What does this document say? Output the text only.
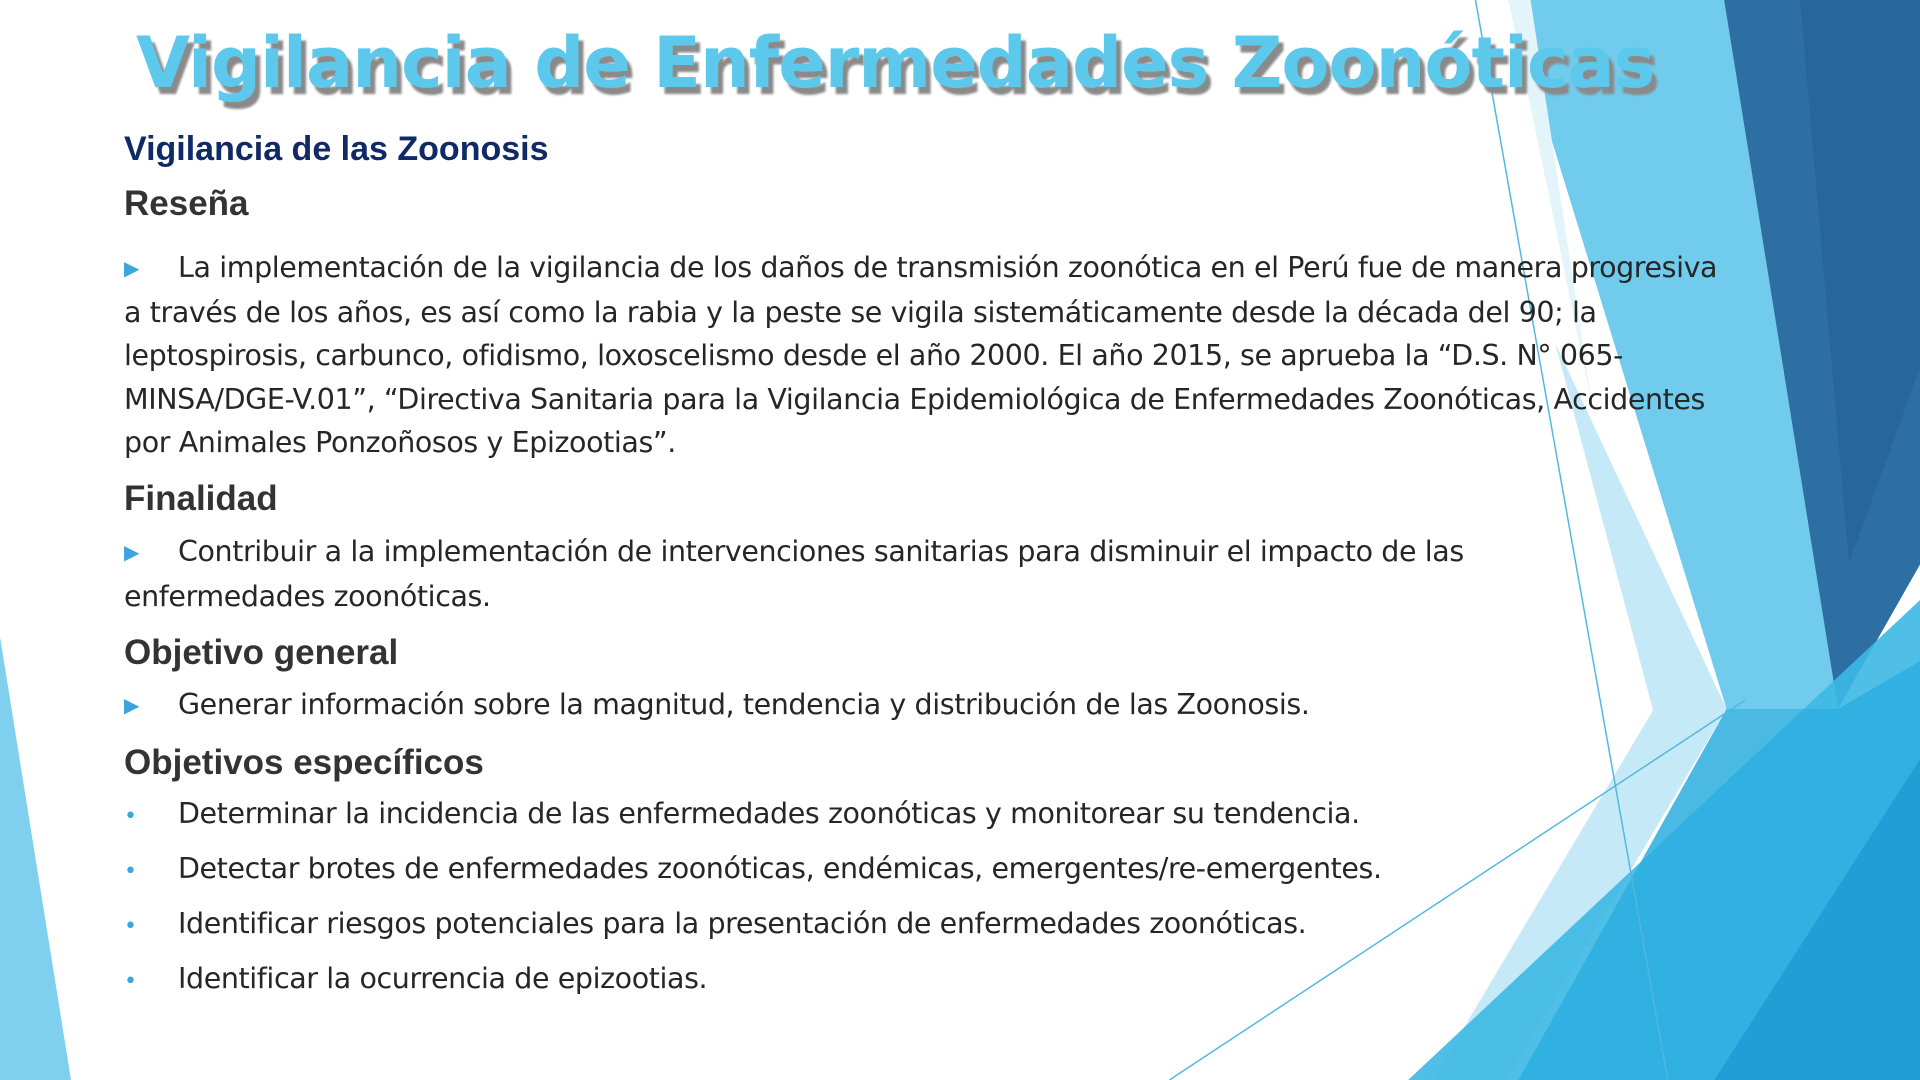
Vigilancia de Enfermedades Zoonóticas
Vigilancia de las Zoonosis
Reseña
▶ La implementación de la vigilancia de los daños de transmisión zoonótica en el Perú fue de manera progresiva a través de los años, es así como la rabia y la peste se vigila sistemáticamente desde la década del 90; la leptospirosis, carbunco, ofidismo, loxoscelismo desde el año 2000. El año 2015, se aprueba la “D.S. N° 065-MINSA/DGE-V.01”, “Directiva Sanitaria para la Vigilancia Epidemiológica de Enfermedades Zoonóticas, Accidentes por Animales Ponzoñosos y Epizootias”.
Finalidad
▶ Contribuir a la implementación de intervenciones sanitarias para disminuir el impacto de las enfermedades zoonóticas.
Objetivo general
▶ Generar información sobre la magnitud, tendencia y distribución de las Zoonosis.
Objetivos específicos
• Determinar la incidencia de las enfermedades zoonóticas y monitorear su tendencia.
• Detectar brotes de enfermedades zoonóticas, endémicas, emergentes/re-emergentes.
• Identificar riesgos potenciales para la presentación de enfermedades zoonóticas.
• Identificar la ocurrencia de epizootias.
